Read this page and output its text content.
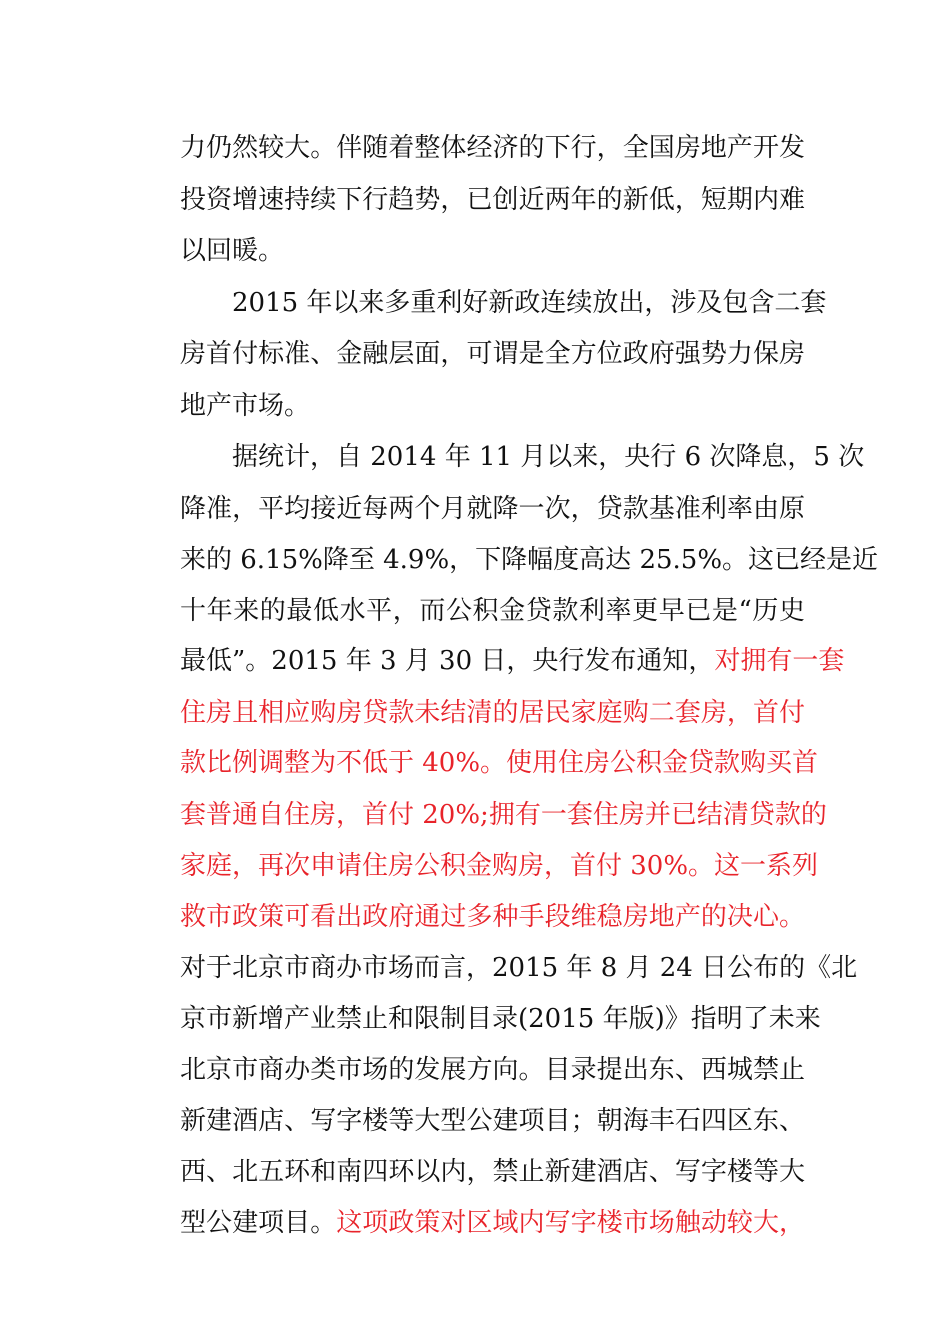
力仍然较大。伴随着整体经济的下行，全国房地产开发
投资增速持续下行趋势，已创近两年的新低，短期内难
以回暖。
2015 年以来多重利好新政连续放出，涉及包含二套
房首付标准、金融层面，可谓是全方位政府强势力保房
地产市场。
据统计，自 2014 年 11 月以来，央行 6 次降息，5 次
降准，平均接近每两个月就降一次，贷款基准利率由原
来的 6.15%降至 4.9%，下降幅度高达 25.5%。这已经是近
十年来的最低水平，而公积金贷款利率更早已是“历史
最低”。2015 年 3 月 30 日，央行发布通知，对拥有一套
住房且相应购房贷款未结清的居民家庭购二套房，首付
款比例调整为不低于 40%。使用住房公积金贷款购买首
套普通自住房，首付 20%;拥有一套住房并已结清贷款的
家庭，再次申请住房公积金购房，首付 30%。这一系列
救市政策可看出政府通过多种手段维稳房地产的决心。
对于北京市商办市场而言，2015 年 8 月 24 日公布的《北
京市新增产业禁止和限制目录(2015 年版)》指明了未来
北京市商办类市场的发展方向。目录提出东、西城禁止
新建酒店、写字楼等大型公建项目；朝海丰石四区东、
西、北五环和南四环以内，禁止新建酒店、写字楼等大
型公建项目。这项政策对区域内写字楼市场触动较大，
